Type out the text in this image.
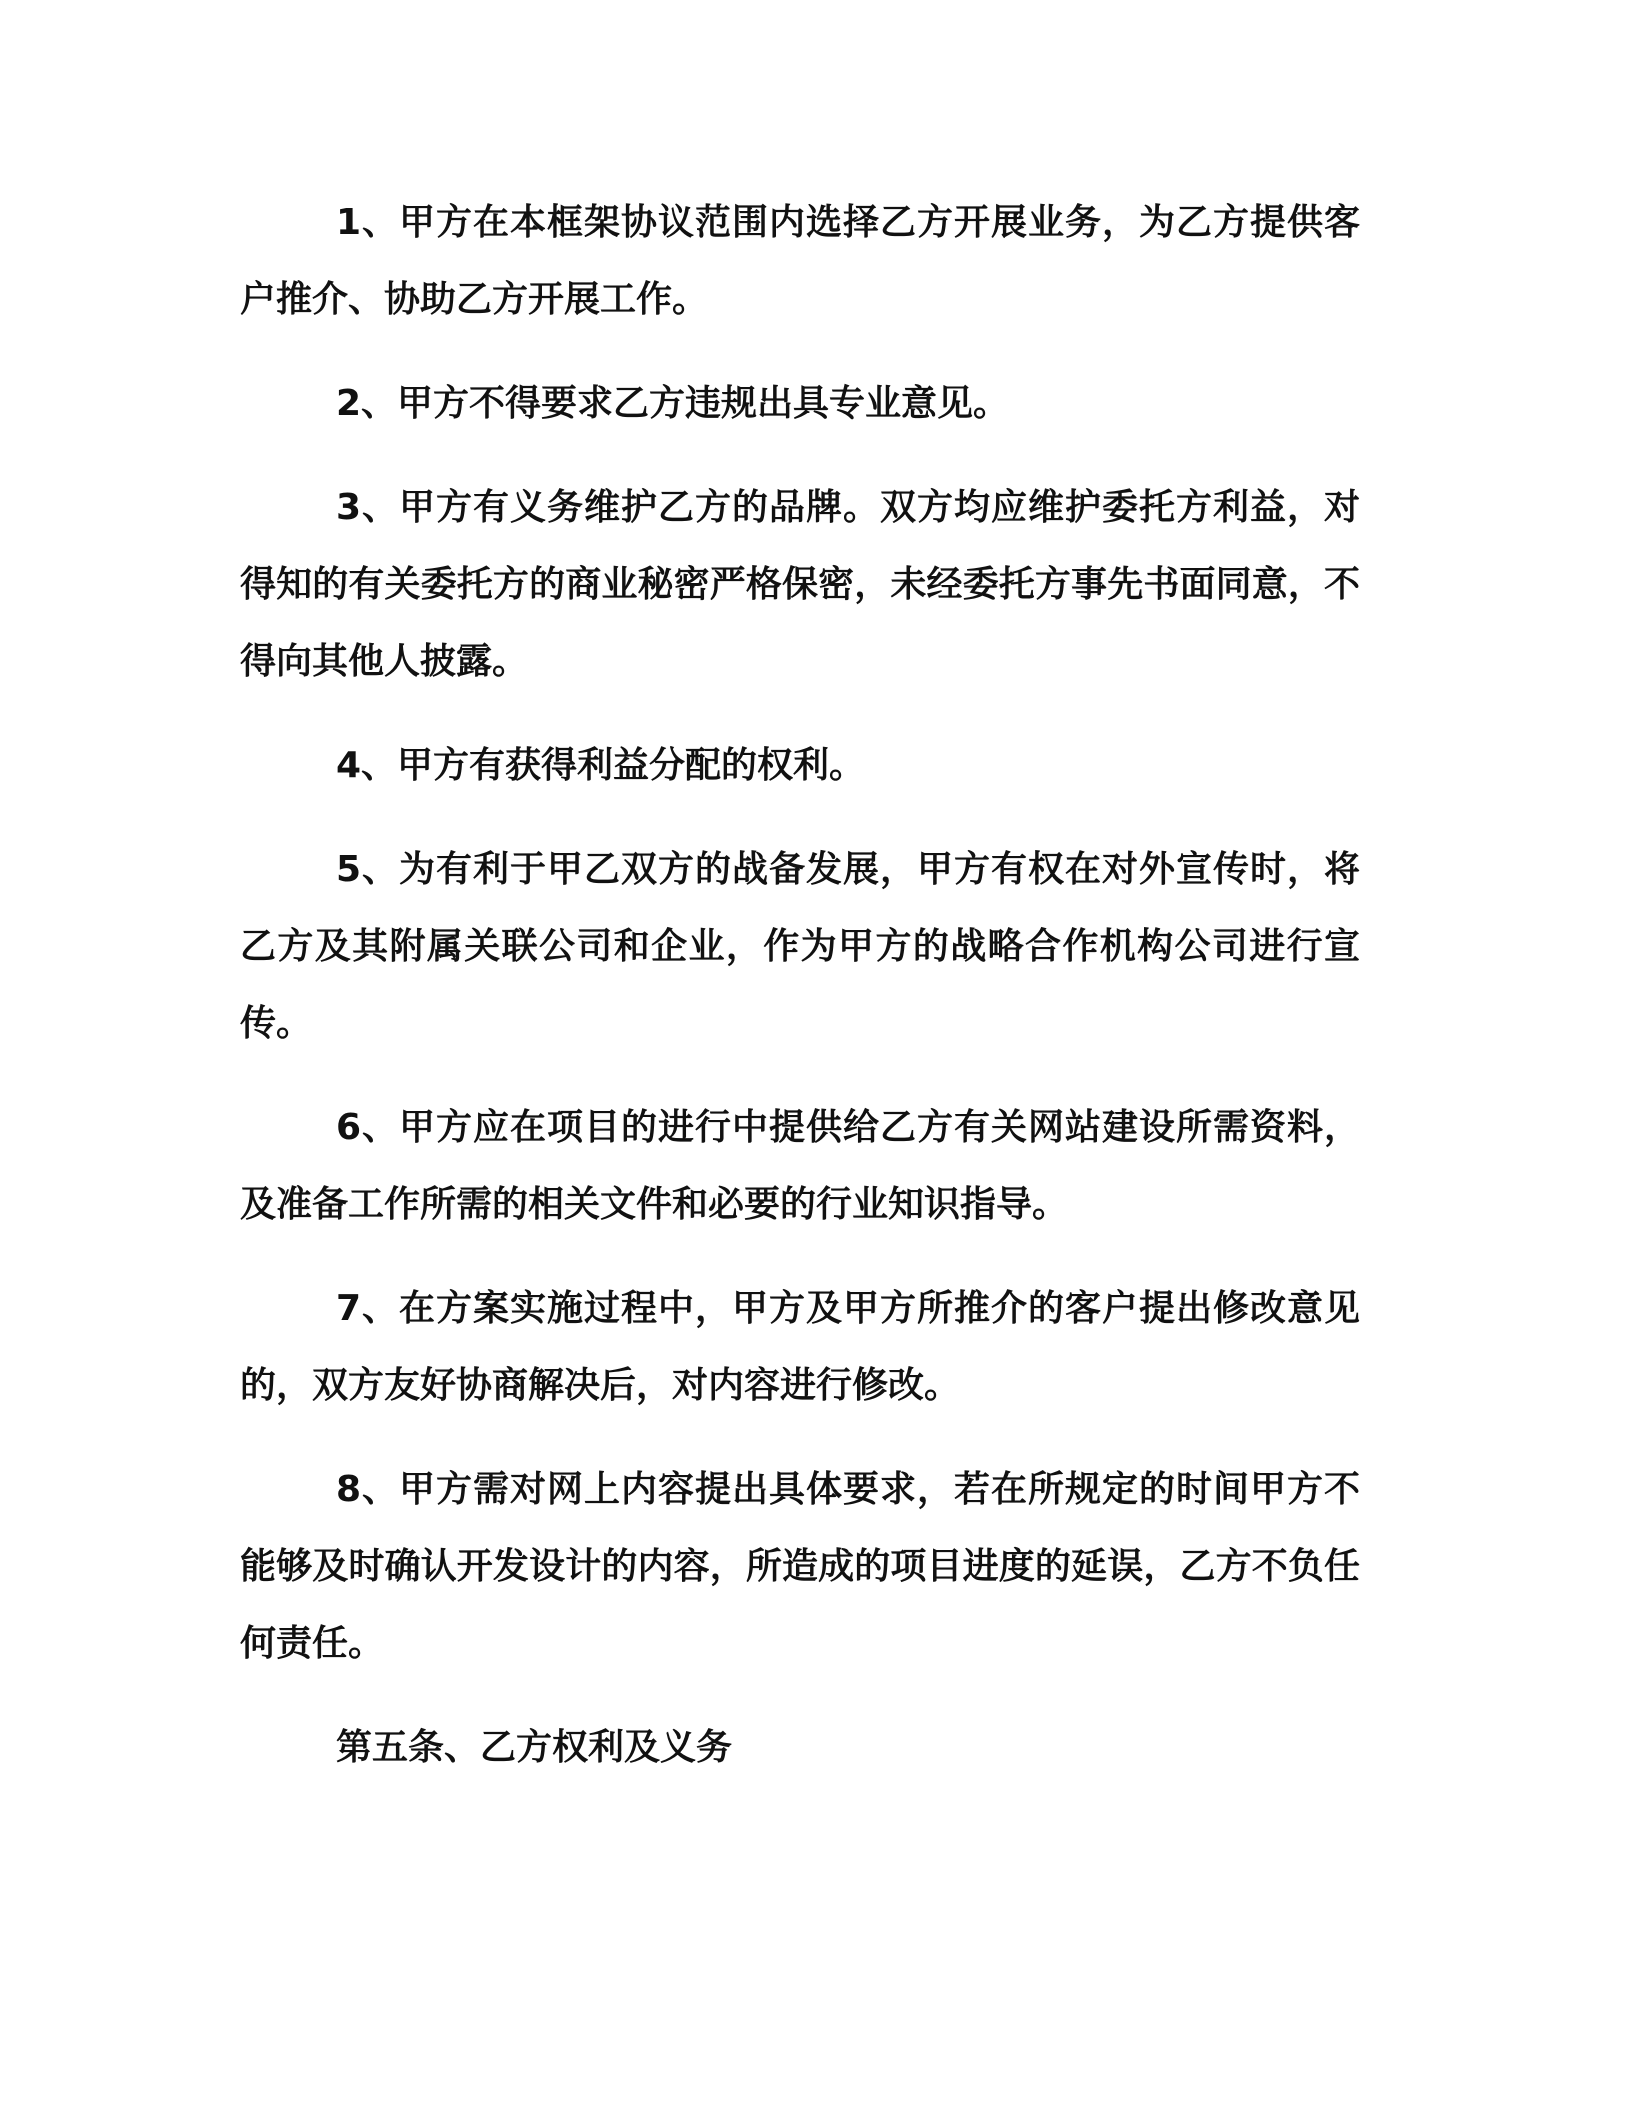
1、甲方在本框架协议范围内选择乙方开展业务，为乙方提供客户推介、协助乙方开展工作。

2、甲方不得要求乙方违规出具专业意见。

3、甲方有义务维护乙方的品牌。双方均应维护委托方利益，对得知的有关委托方的商业秘密严格保密，未经委托方事先书面同意，不得向其他人披露。

4、甲方有获得利益分配的权利。

5、为有利于甲乙双方的战备发展，甲方有权在对外宣传时，将乙方及其附属关联公司和企业，作为甲方的战略合作机构公司进行宣传。

6、甲方应在项目的进行中提供给乙方有关网站建设所需资料，及准备工作所需的相关文件和必要的行业知识指导。

7、在方案实施过程中，甲方及甲方所推介的客户提出修改意见的，双方友好协商解决后，对内容进行修改。

8、甲方需对网上内容提出具体要求，若在所规定的时间甲方不能够及时确认开发设计的内容，所造成的项目进度的延误，乙方不负任何责任。

第五条、乙方权利及义务
